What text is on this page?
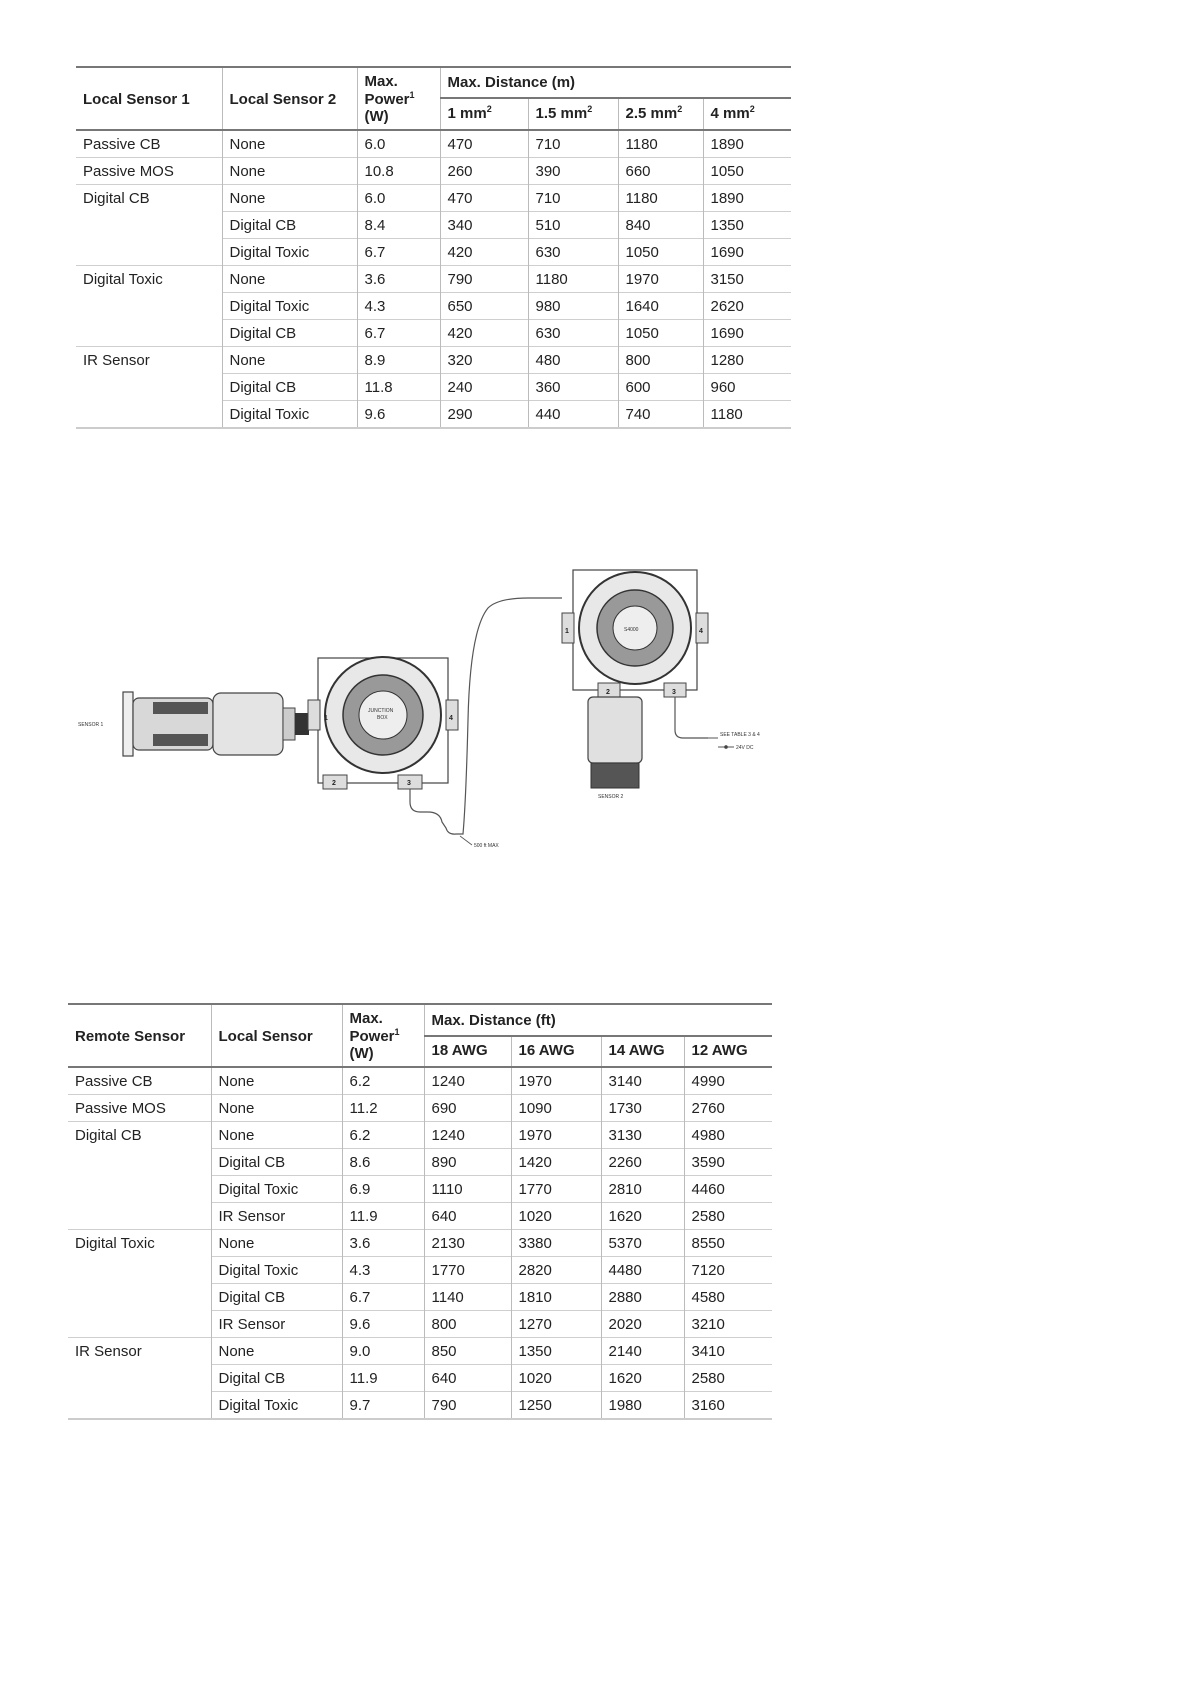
Local Sensor 1	Local Sensor 2	Max.
Power$^1$
(W)	Max. Distance (m)			
			1 $mm^2$	1.5 $mm^2$	2.5 $mm^2$	4 $mm^2$
Passive CB	None	6.0	470	710	1180	1890
Passive MOS	None	10.8	260	390	660	1050
Digital CB	None	6.0	470	710	1180	1890
	Digital CB	8.4	340	510	840	1350
	Digital Toxic	6.7	420	630	1050	1690
Digital Toxic	None	3.6	790	1180	1970	3150
	Digital Toxic	4.3	650	980	1640	2620
	Digital CB	6.7	420	630	1050	1690
IR Sensor	None	8.9	320	480	800	1280
	Digital CB	11.8	240	360	600	960
	Digital Toxic	9.6	290	440	740	1180
SENSOR 1
JUNCTION
BOX
1
2	3
4
S4000
1
2	3
4
SENSOR 2
500 ft MAX
SEE TABLE 3 & 4
24V DC
Remote Sensor	Local Sensor	Max.
Power$^1$
(W)	Max. Distance (ft)			
			18 AWG	16 AWG	14 AWG	12 AWG
Passive CB	None	6.2	1240	1970	3140	4990
Passive MOS	None	11.2	690	1090	1730	2760
Digital CB	None	6.2	1240	1970	3130	4980
	Digital CB	8.6	890	1420	2260	3590
	Digital Toxic	6.9	1110	1770	2810	4460
	IR Sensor	11.9	640	1020	1620	2580
Digital Toxic	None	3.6	2130	3380	5370	8550
	Digital Toxic	4.3	1770	2820	4480	7120
	Digital CB	6.7	1140	1810	2880	4580
	IR Sensor	9.6	800	1270	2020	3210
IR Sensor	None	9.0	850	1350	2140	3410
	Digital CB	11.9	640	1020	1620	2580
	Digital Toxic	9.7	790	1250	1980	3160
